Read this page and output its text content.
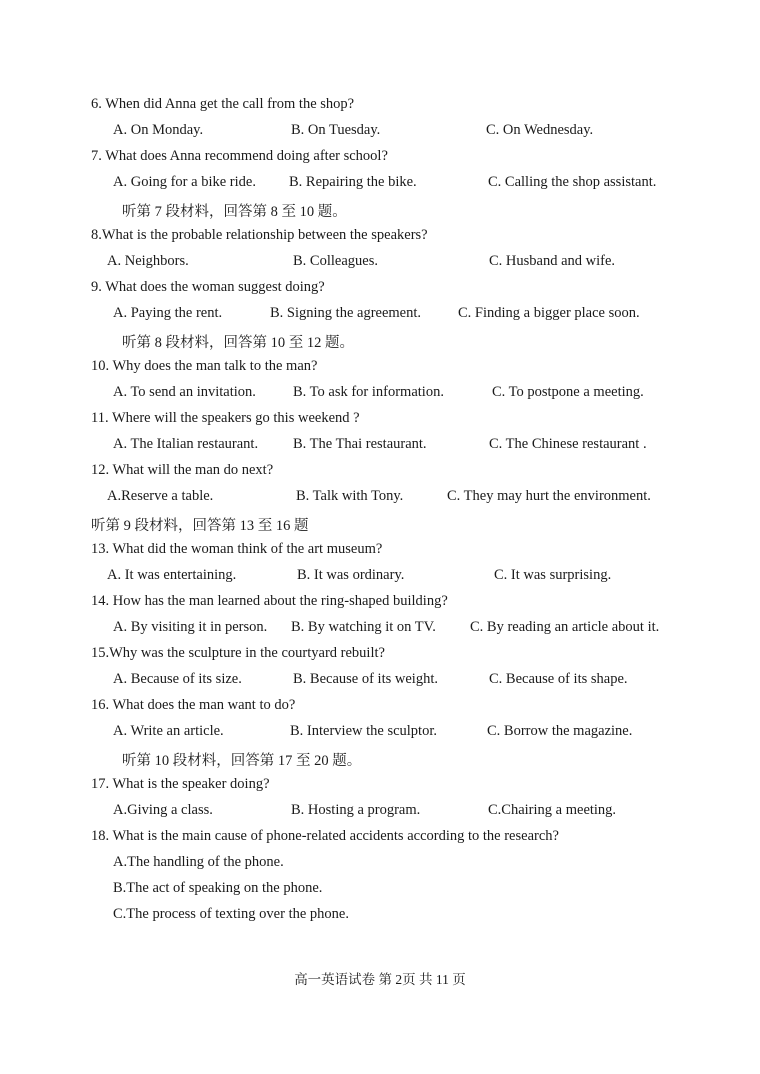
6. When did Anna get the call from the shop?
A. On Monday.	B. On Tuesday.	C. On Wednesday.
7. What does Anna recommend doing after school?
A. Going for a bike ride. B. Repairing the bike.	C. Calling the shop assistant.
听第 7 段材料，回答第 8 至 10 题。
8.What is the probable relationship between the speakers?
A. Neighbors.	B. Colleagues.	C. Husband and wife.
9. What does the woman suggest doing?
A. Paying the rent.	B. Signing the agreement.	C. Finding a bigger place soon.
听第 8 段材料，回答第 10 至 12 题。
10. Why does the man talk to the man?
A. To send an invitation.	B. To ask for information.	C. To postpone a meeting.
11. Where will the speakers go this weekend ?
A. The Italian restaurant. B. The Thai restaurant.	C. The Chinese restaurant .
12. What will the man do next?
A.Reserve a table.	B. Talk with Tony.	C. They may hurt the environment.
听第 9 段材料，回答第 13 至 16 题
13. What did the woman think of the art museum?
A. It was entertaining.	B. It was ordinary.	C. It was surprising.
14. How has the man learned about the ring-shaped building?
A. By visiting it in person. B. By watching it on TV. C. By reading an article about it.
15.Why was the sculpture in the courtyard rebuilt?
A. Because of its size.	B. Because of its weight.	C. Because of its shape.
16. What does the man want to do?
A. Write an article.	B. Interview the sculptor.	C. Borrow the magazine.
听第 10 段材料，回答第 17 至 20 题。
17. What is the speaker doing?
A.Giving a class.	B. Hosting a program.	C.Chairing a meeting.
18. What is the main cause of phone-related accidents according to the research?
A.The handling of the phone.
B.The act of speaking on the phone.
C.The process of texting over the phone.
高一英语试卷 第 2页 共 11 页
